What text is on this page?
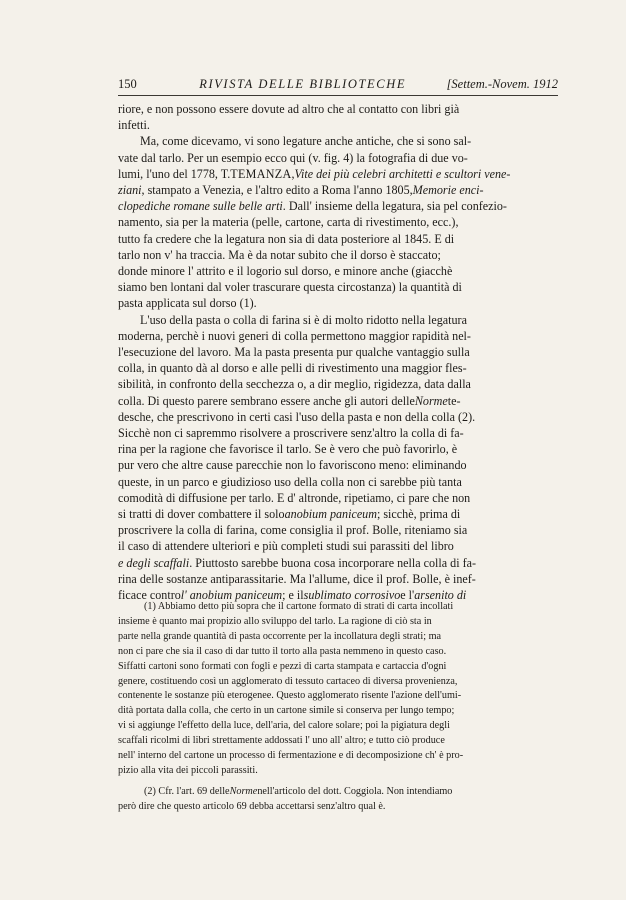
150	RIVISTA DELLE BIBLIOTECHE	[Settem.-Novem. 1912
riore, e non possono essere dovute ad altro che al contatto con libri già
infetti.
Ma, come dicevamo, vi sono legature anche antiche, che si sono sal-
vate dal tarlo. Per un esempio ecco qui (v. fig. 4) la fotografia di due vo-
lumi, l'uno del 1778, T.TEMANZA,Vite dei più celebri architetti e scultori vene-
ziani, stampato a Venezia, e l'altro edito a Roma l'anno 1805,Memorie enci-
clopediche romane sulle belle arti. Dall' insieme della legatura, sia pel confezio-
namento, sia per la materia (pelle, cartone, carta di rivestimento, ecc.),
tutto fa credere che la legatura non sia di data posteriore al 1845. E di
tarlo non v' ha traccia. Ma è da notar subito che il dorso è staccato;
donde minore l' attrito e il logorio sul dorso, e minore anche (giacchè
siamo ben lontani dal voler trascurare questa circostanza) la quantità di
pasta applicata sul dorso (1).
L'uso della pasta o colla di farina si è di molto ridotto nella legatura
moderna, perchè i nuovi generi di colla permettono maggior rapidità nel-
l'esecuzione del lavoro. Ma la pasta presenta pur qualche vantaggio sulla
colla, in quanto dà al dorso e alle pelli di rivestimento una maggior fles-
sibilità, in confronto della secchezza o, a dir meglio, rigidezza, data dalla
colla. Di questo parere sembrano essere anche gli autori delleNormete-
desche, che prescrivono in certi casi l'uso della pasta e non della colla (2).
Sicchè non ci sapremmo risolvere a proscrivere senz'altro la colla di fa-
rina per la ragione che favorisce il tarlo. Se è vero che può favorirlo, è
pur vero che altre cause parecchie non lo favoriscono meno: eliminando
queste, in un parco e giudizioso uso della colla non ci sarebbe più tanta
comodità di diffusione per tarlo. E d' altronde, ripetiamo, ci pare che non
si tratti di dover combattere il soloanobium paniceum; sicchè, prima di
proscrivere la colla di farina, come consiglia il prof. Bolle, riteniamo sia
il caso di attendere ulteriori e più completi studi sui parassiti del libro
e degli scaffali. Piuttosto sarebbe buona cosa incorporare nella colla di fa-
rina delle sostanze antiparassitarie. Ma l'allume, dice il prof. Bolle, è inef-
ficace control' anobium paniceum; e ilsublimato corrosivoe l'arsenito di
(1) Abbiamo detto più sopra che il cartone formato di strati di carta incollati
insieme è quanto mai propizio allo sviluppo del tarlo. La ragione di ciò sta in
parte nella grande quantità di pasta occorrente per la incollatura degli strati; ma
non ci pare che sia il caso di dar tutto il torto alla pasta nemmeno in questo caso.
Siffatti cartoni sono formati con fogli e pezzi di carta stampata e cartaccia d'ogni
genere, costituendo così un agglomerato di tessuto cartaceo di diversa provenienza,
contenente le sostanze più eterogenee. Questo agglomerato risente l'azione dell'umi-
dità portata dalla colla, che certo in un cartone simile si conserva per lungo tempo;
vi si aggiunge l'effetto della luce, dell'aria, del calore solare; poi la pigiatura degli
scaffali ricolmi di libri strettamente addossati l' uno all' altro; e tutto ciò produce
nell' interno del cartone un processo di fermentazione e di decomposizione ch' è pro-
pizio alla vita dei piccoli parassiti.
(2) Cfr. l'art. 69 delleNormenell'articolo del dott. Coggiola. Non intendiamo
però dire che questo articolo 69 debba accettarsi senz'altro qual è.
